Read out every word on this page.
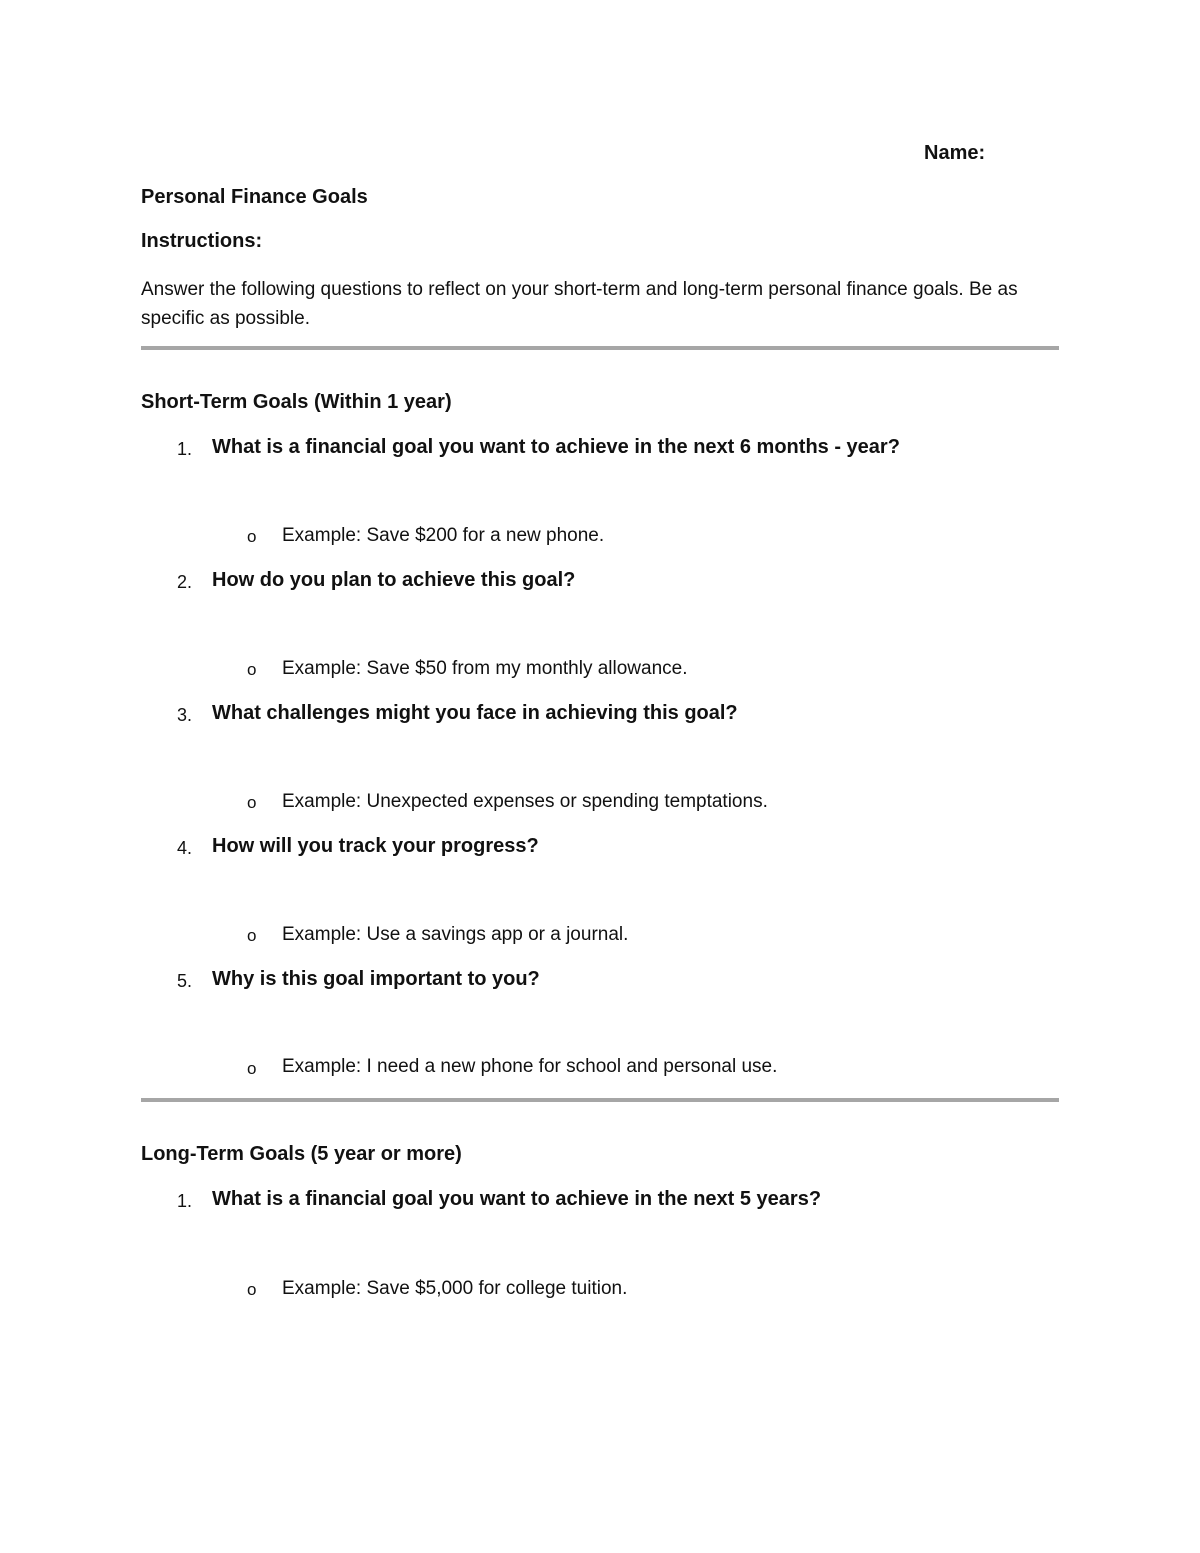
Name:
Personal Finance Goals
Instructions:
Answer the following questions to reflect on your short-term and long-term personal finance goals. Be as specific as possible.
Short-Term Goals (Within 1 year)
1. What is a financial goal you want to achieve in the next 6 months - year?
o Example: Save $200 for a new phone.
2. How do you plan to achieve this goal?
o Example: Save $50 from my monthly allowance.
3. What challenges might you face in achieving this goal?
o Example: Unexpected expenses or spending temptations.
4. How will you track your progress?
o Example: Use a savings app or a journal.
5. Why is this goal important to you?
o Example: I need a new phone for school and personal use.
Long-Term Goals (5 year or more)
1. What is a financial goal you want to achieve in the next 5 years?
o Example: Save $5,000 for college tuition.
